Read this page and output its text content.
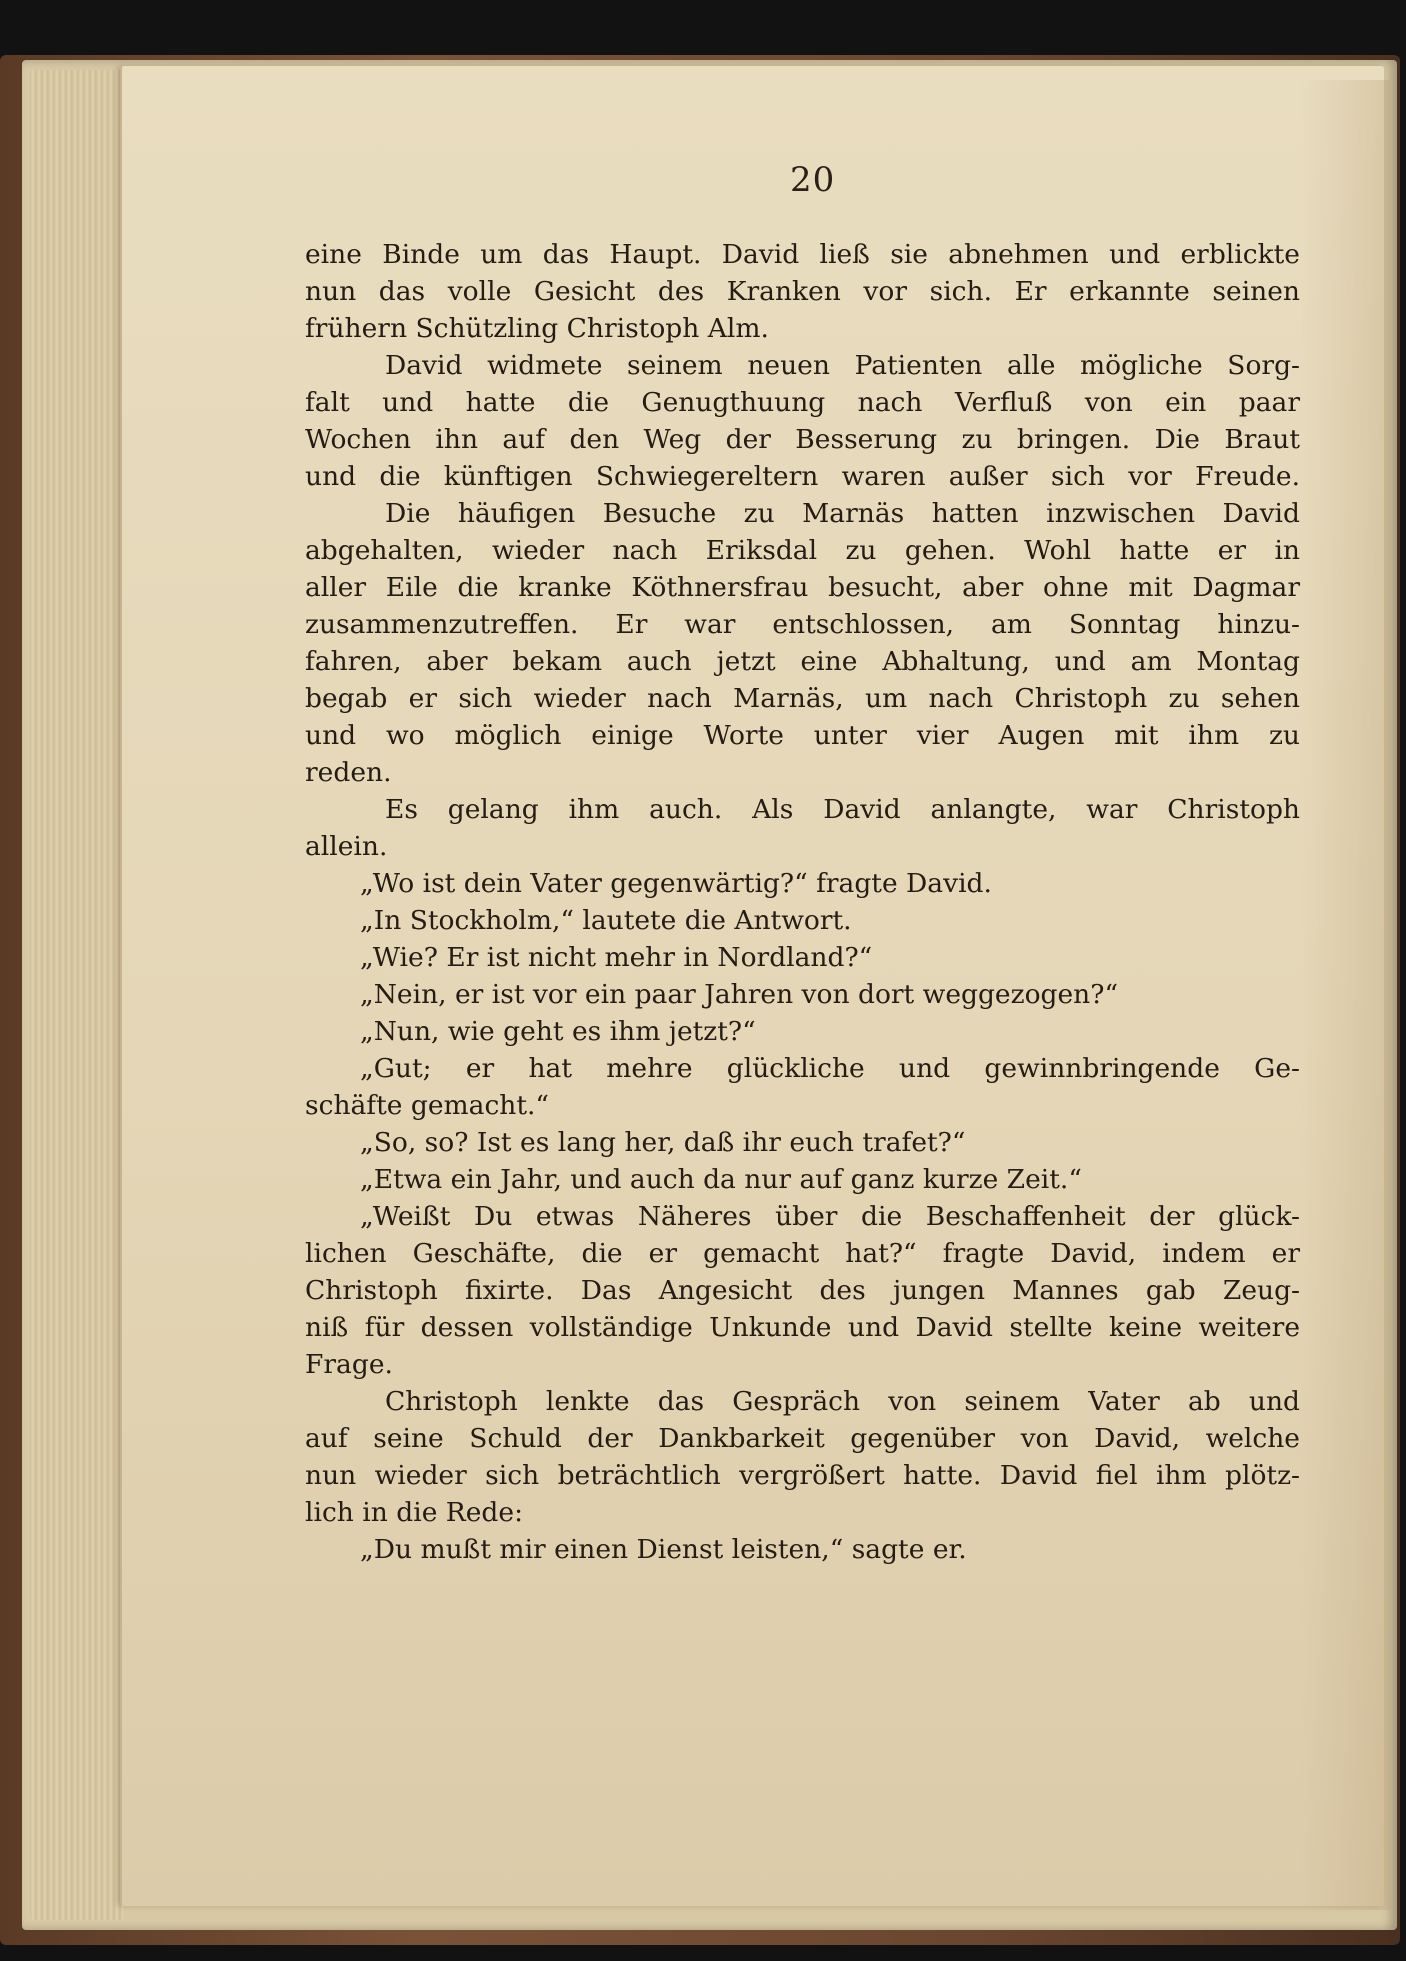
20
eine Binde um das Haupt. David ließ sie abnehmen und erblickte
nun das volle Gesicht des Kranken vor sich. Er erkannte seinen
frühern Schützling Christoph Alm.
David widmete seinem neuen Patienten alle mögliche Sorg-
falt und hatte die Genugthuung nach Verfluß von ein paar
Wochen ihn auf den Weg der Besserung zu bringen. Die Braut
und die künftigen Schwiegereltern waren außer sich vor Freude.
Die häufigen Besuche zu Marnäs hatten inzwischen David
abgehalten, wieder nach Eriksdal zu gehen. Wohl hatte er in
aller Eile die kranke Köthnersfrau besucht, aber ohne mit Dagmar
zusammenzutreffen. Er war entschlossen, am Sonntag hinzu-
fahren, aber bekam auch jetzt eine Abhaltung, und am Montag
begab er sich wieder nach Marnäs, um nach Christoph zu sehen
und wo möglich einige Worte unter vier Augen mit ihm zu
reden.
Es gelang ihm auch. Als David anlangte, war Christoph
allein.
„Wo ist dein Vater gegenwärtig?“ fragte David.
„In Stockholm,“ lautete die Antwort.
„Wie? Er ist nicht mehr in Nordland?“
„Nein, er ist vor ein paar Jahren von dort weggezogen?“
„Nun, wie geht es ihm jetzt?“
„Gut; er hat mehre glückliche und gewinnbringende Ge-
schäfte gemacht.“
„So, so? Ist es lang her, daß ihr euch trafet?“
„Etwa ein Jahr, und auch da nur auf ganz kurze Zeit.“
„Weißt Du etwas Näheres über die Beschaffenheit der glück-
lichen Geschäfte, die er gemacht hat?“ fragte David, indem er
Christoph fixirte. Das Angesicht des jungen Mannes gab Zeug-
niß für dessen vollständige Unkunde und David stellte keine weitere
Frage.
Christoph lenkte das Gespräch von seinem Vater ab und
auf seine Schuld der Dankbarkeit gegenüber von David, welche
nun wieder sich beträchtlich vergrößert hatte. David fiel ihm plötz-
lich in die Rede:
„Du mußt mir einen Dienst leisten,“ sagte er.
